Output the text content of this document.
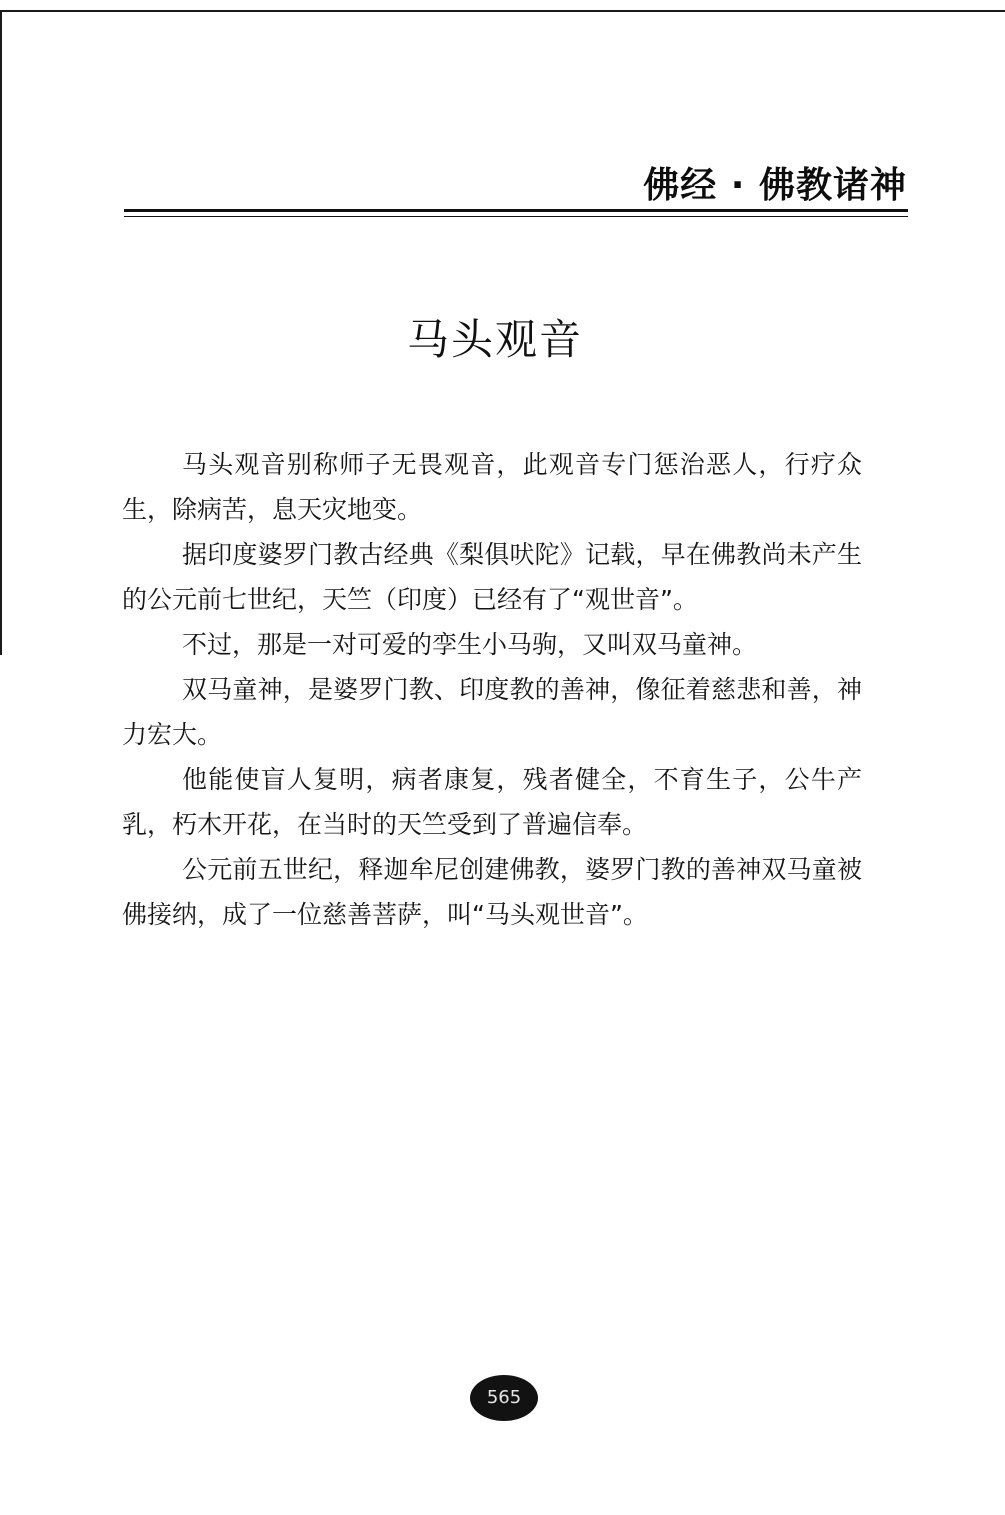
佛经 · 佛教诸神
马头观音

马头观音别称师子无畏观音，此观音专门惩治恶人，行疗众生，除病苦，息天灾地变。

据印度婆罗门教古经典《梨俱吠陀》记载，早在佛教尚未产生的公元前七世纪，天竺（印度）已经有了“观世音”。

不过，那是一对可爱的孪生小马驹，又叫双马童神。

双马童神，是婆罗门教、印度教的善神，像征着慈悲和善，神力宏大。

他能使盲人复明，病者康复，残者健全，不育生子，公牛产乳，朽木开花，在当时的天竺受到了普遍信奉。

公元前五世纪，释迦牟尼创建佛教，婆罗门教的善神双马童被佛接纳，成了一位慈善菩萨，叫“马头观世音”。

565
